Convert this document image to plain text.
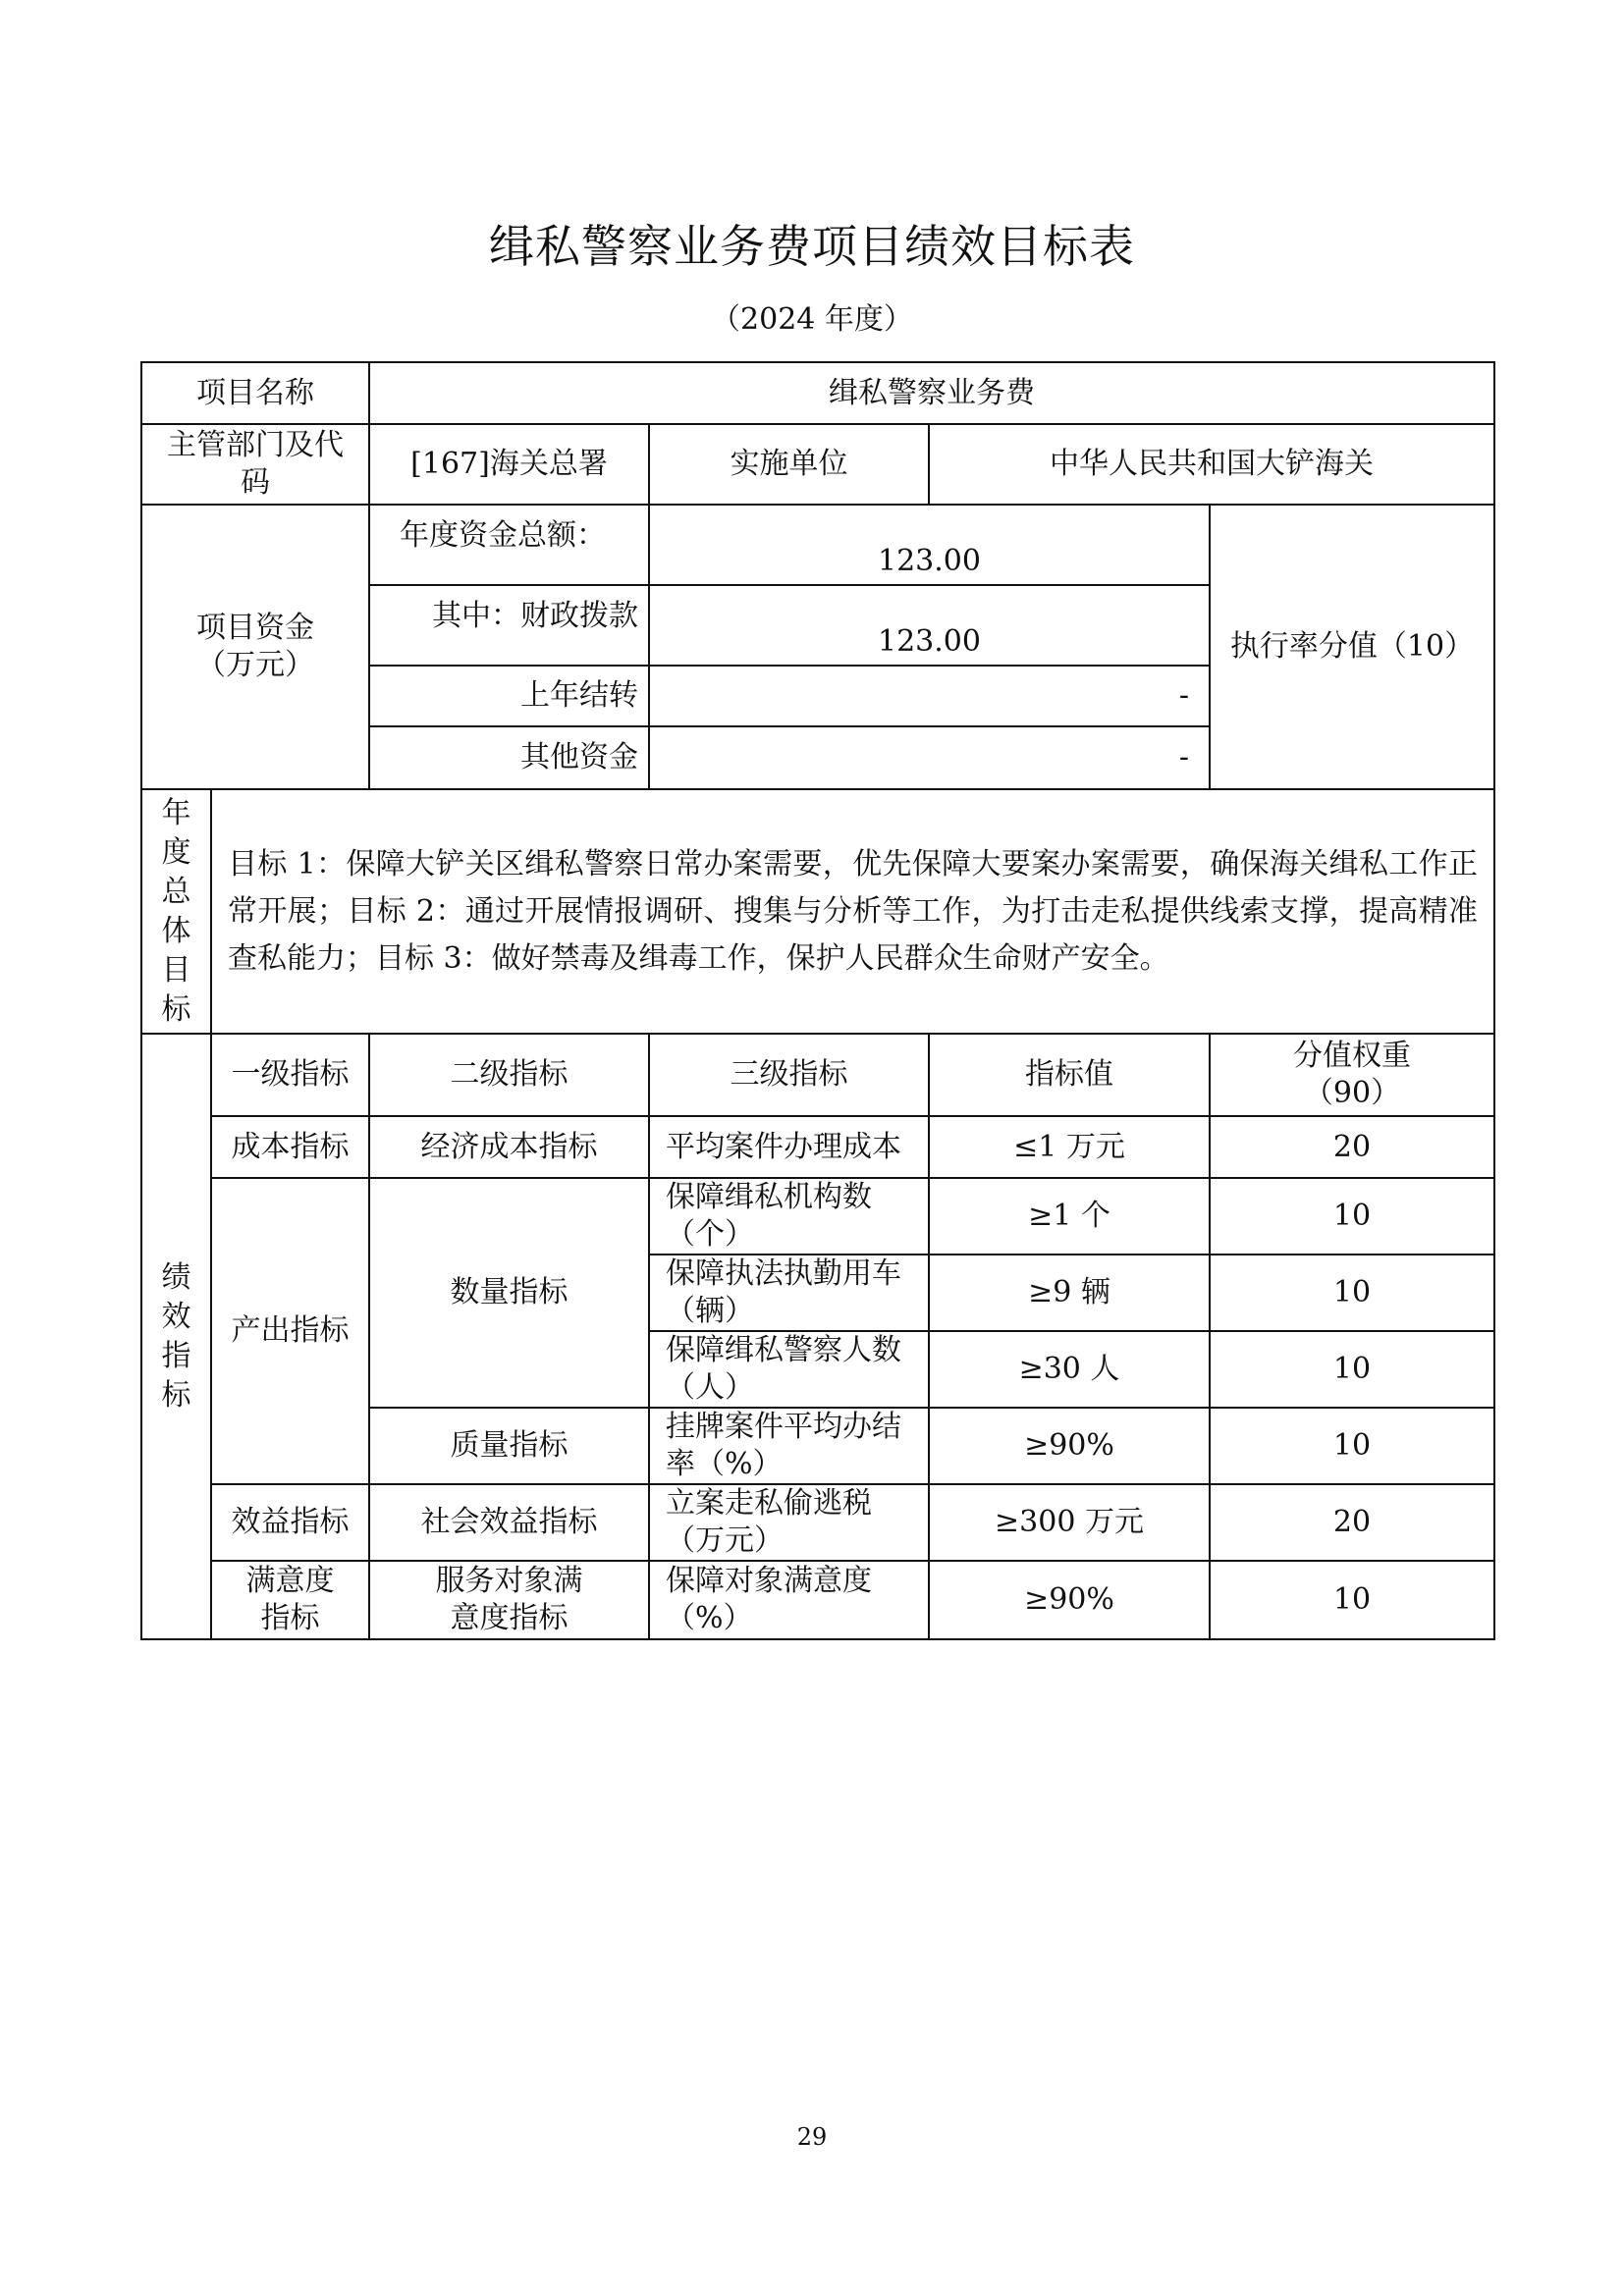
缉私警察业务费项目绩效目标表
（2024 年度）
项目名称		缉私警察业务费			
主管部门及代码		[167]海关总署	实施单位	中华人民共和国大铲海关	
项目资金（万元）		年度资金总额：	123.00		执行率分值（10）
		其中：财政拨款	123.00		
		上年结转	-		
		其他资金	-		

年度总体目标	目标 1：保障大铲关区缉私警察日常办案需要，优先保障大要案办案需要，确保海关缉私工作正常开展；目标 2：通过开展情报调研、搜集与分析等工作，为打击走私提供线索支撑，提高精准查私能力；目标 3：做好禁毒及缉毒工作，保护人民群众生命财产安全。				

绩效指标	一级指标	二级指标	三级指标	指标值	分值权重（90）
	成本指标	经济成本指标	平均案件办理成本	≤1 万元	20
	产出指标	数量指标	保障缉私机构数（个）	≥1 个	10
			保障执法执勤用车（辆）	≥9 辆	10
			保障缉私警察人数（人）	≥30 人	10
		质量指标	挂牌案件平均办结率（%）	≥90%	10
	效益指标	社会效益指标	立案走私偷逃税（万元）	≥300 万元	20
	满意度指标	服务对象满意度指标	保障对象满意度（%）	≥90%	10
29
